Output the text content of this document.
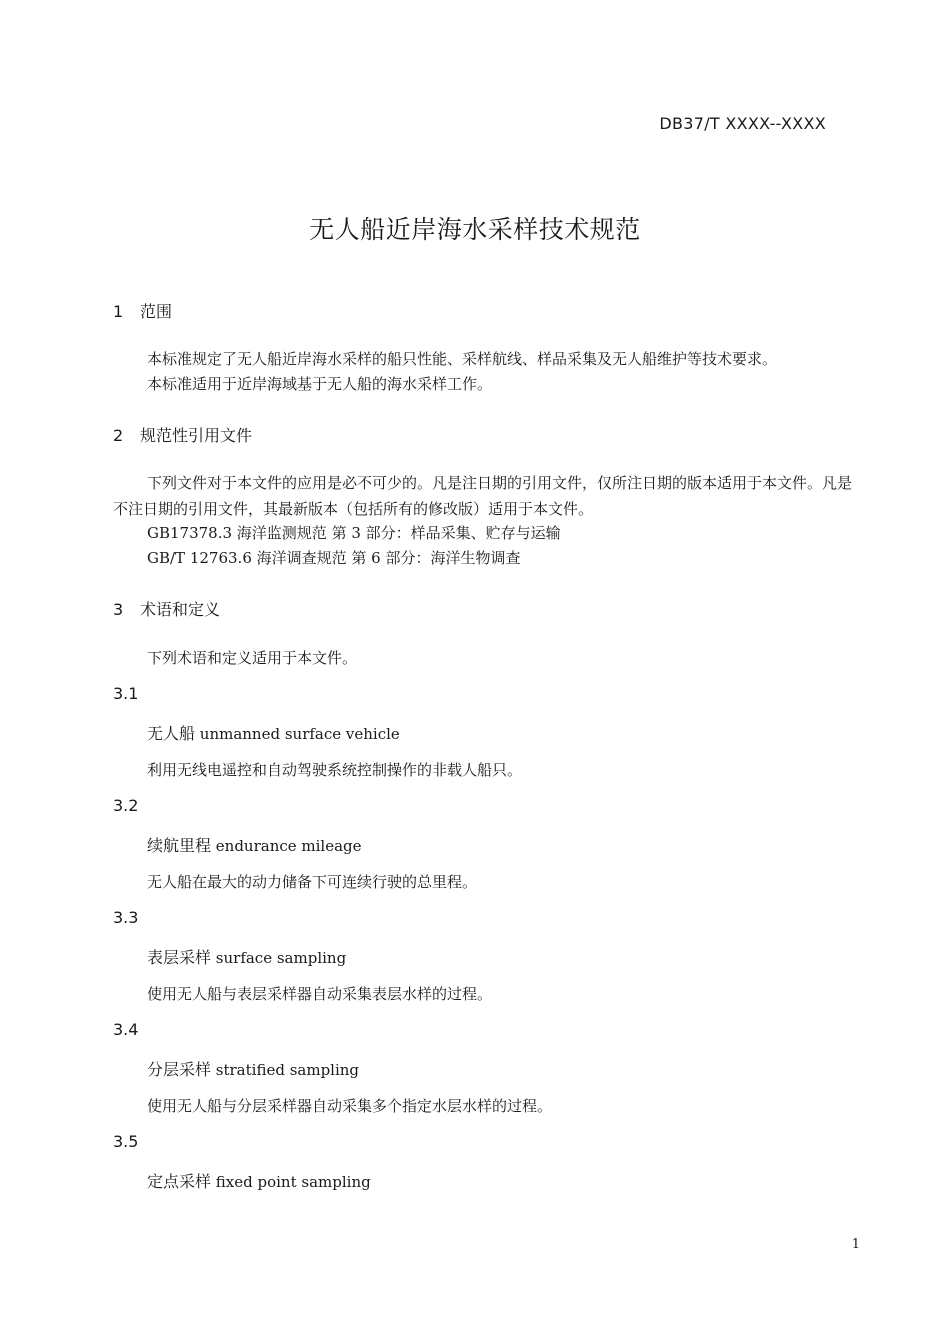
DB37/T XXXX--XXXX
无人船近岸海水采样技术规范
1 范围
本标准规定了无人船近岸海水采样的船只性能、采样航线、样品采集及无人船维护等技术要求。
本标准适用于近岸海域基于无人船的海水采样工作。
2 规范性引用文件
下列文件对于本文件的应用是必不可少的。凡是注日期的引用文件，仅所注日期的版本适用于本文件。凡是不注日期的引用文件，其最新版本（包括所有的修改版）适用于本文件。
GB17378.3 海洋监测规范 第 3 部分：样品采集、贮存与运输
GB/T 12763.6 海洋调查规范 第 6 部分：海洋生物调查
3 术语和定义
下列术语和定义适用于本文件。
3.1
无人船 unmanned surface vehicle
利用无线电遥控和自动驾驶系统控制操作的非载人船只。
3.2
续航里程 endurance mileage
无人船在最大的动力储备下可连续行驶的总里程。
3.3
表层采样 surface sampling
使用无人船与表层采样器自动采集表层水样的过程。
3.4
分层采样 stratified sampling
使用无人船与分层采样器自动采集多个指定水层水样的过程。
3.5
定点采样 fixed point sampling
1
